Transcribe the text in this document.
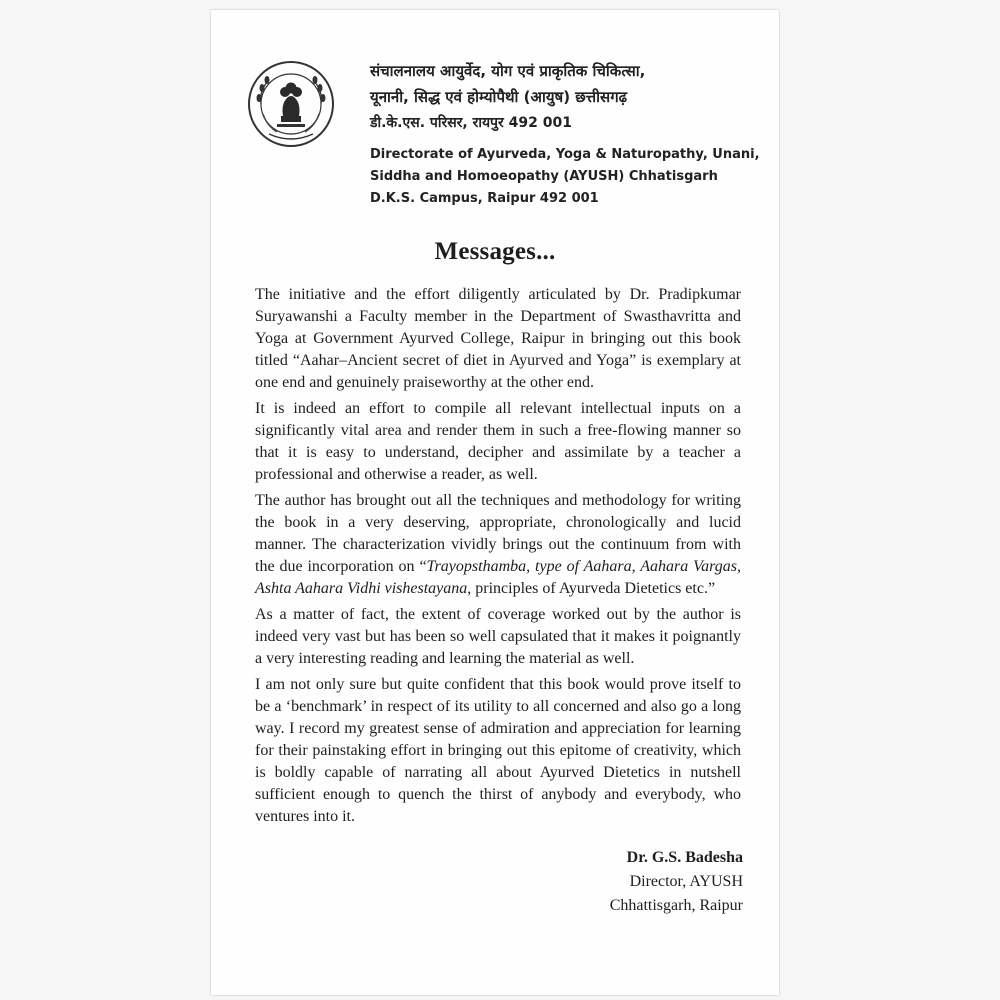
संचालनालय आयुर्वेद, योग एवं प्राकृतिक चिकित्सा,
यूनानी, सिद्ध एवं होम्योपैथी (आयुष) छत्तीसगढ़
डी.के.एस. परिसर, रायपुर 492 001
Directorate of Ayurveda, Yoga & Naturopathy, Unani,
Siddha and Homoeopathy (AYUSH) Chhatisgarh
D.K.S. Campus, Raipur 492 001
Messages...

The initiative and the effort diligently articulated by Dr. Pradipkumar Suryawanshi a Faculty member in the Department of Swasthavritta and Yoga at Government Ayurved College, Raipur in bringing out this book titled “Aahar–Ancient secret of diet in Ayurved and Yoga” is exemplary at one end and genuinely praiseworthy at the other end.

It is indeed an effort to compile all relevant intellectual inputs on a significantly vital area and render them in such a free-flowing manner so that it is easy to understand, decipher and assimilate by a teacher a professional and otherwise a reader, as well.

The author has brought out all the techniques and methodology for writing the book in a very deserving, appropriate, chronologically and lucid manner. The characterization vividly brings out the continuum from with the due incorporation on “Trayopsthamba, type of Aahara, Aahara Vargas, Ashta Aahara Vidhi vishestayana, principles of Ayurveda Dietetics etc.”

As a matter of fact, the extent of coverage worked out by the author is indeed very vast but has been so well capsulated that it makes it poignantly a very interesting reading and learning the material as well.

I am not only sure but quite confident that this book would prove itself to be a ‘benchmark’ in respect of its utility to all concerned and also go a long way. I record my greatest sense of admiration and appreciation for learning for their painstaking effort in bringing out this epitome of creativity, which is boldly capable of narrating all about Ayurved Dietetics in nutshell sufficient enough to quench the thirst of anybody and everybody, who ventures into it.

Dr. G.S. Badesha
Director, AYUSH
Chhattisgarh, Raipur
